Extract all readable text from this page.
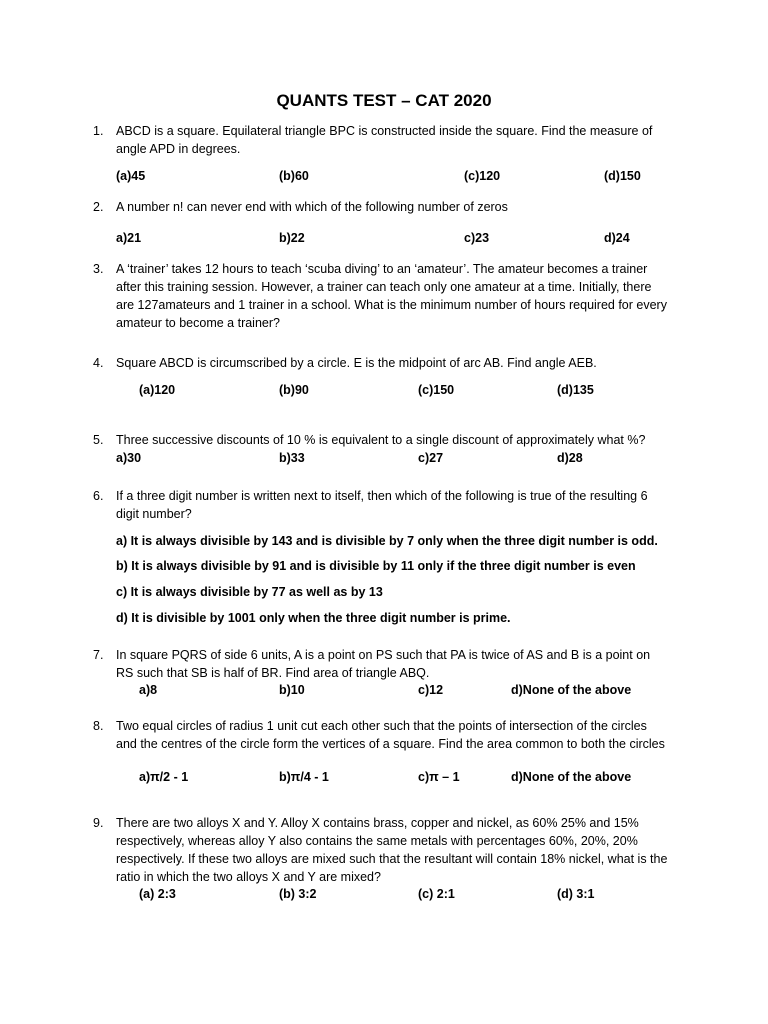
QUANTS TEST – CAT 2020
1.	ABCD is a square. Equilateral triangle BPC is constructed inside the square. Find the measure of angle APD in degrees.
(a)45	(b)60	(c)120	(d)150
2.	A number n! can never end with which of the following number of zeros
a)21	b)22	c)23	d)24
3.	A ‘trainer’ takes 12 hours to teach ‘scuba diving’ to an ‘amateur’. The amateur becomes a trainer after this training session. However, a trainer can teach only one amateur at a time. Initially, there are 127amateurs and 1 trainer in a school. What is the minimum number of hours required for every amateur to become a trainer?
4.	Square ABCD is circumscribed by a circle. E is the midpoint of arc AB. Find angle AEB.
(a)120	(b)90	(c)150	(d)135
5.	Three successive discounts of 10 % is equivalent to a single discount of approximately what %?
a)30	b)33	c)27	d)28
6.	If a three digit number is written next to itself, then which of the following is true of the resulting 6 digit number?
a) It is always divisible by 143 and is divisible by 7 only when the three digit number is odd.
b) It is always divisible by 91 and is divisible by 11 only if the three digit number is even
c) It is always divisible by 77 as well as by 13
d) It is divisible by 1001 only when the three digit number is prime.
7.	In square PQRS of side 6 units, A is a point on PS such that PA is twice of AS and B is a point on RS such that SB is half of BR. Find area of triangle ABQ.
a)8	b)10	c)12	d)None of the above
8.	Two equal circles of radius 1 unit cut each other such that the points of intersection of the circles and the centres of the circle form the vertices of a square. Find the area common to both the circles
a)π/2 - 1	b)π/4 - 1	c)π – 1	d)None of the above
9.	There are two alloys X and Y. Alloy X contains brass, copper and nickel, as 60% 25% and 15% respectively, whereas alloy Y also contains the same metals with percentages 60%, 20%, 20% respectively. If these two alloys are mixed such that the resultant will contain 18% nickel, what is the ratio in which the two alloys X and Y are mixed?
(a) 2:3	(b) 3:2	(c) 2:1	(d) 3:1
